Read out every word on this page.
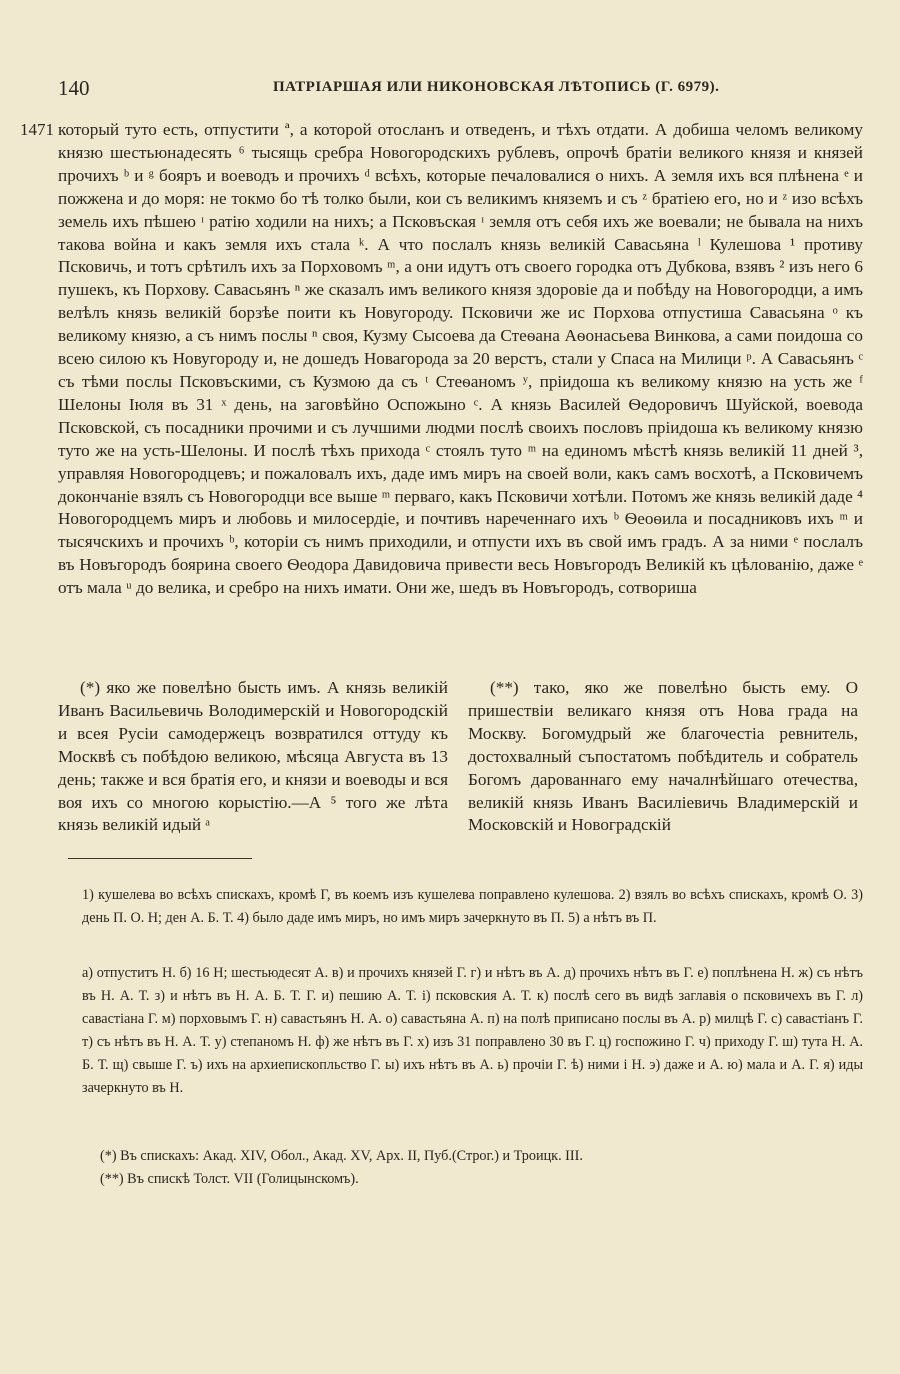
140	ПАТРІАРШАЯ ИЛИ НИКОНОВСКАЯ ЛѢТОПИСЬ (Г. 6979).
1471 который туто есть, отпустити ª, а которой отосланъ и отведенъ, и тѣхъ отдати. А добиша челомъ великому князю шестьюнадесять ⁶ тысящь сребра Новогородскихъ рублевъ, опрочѣ братіи великого князя и князей прочихъ ᵇ и ᵍ бояръ и воеводъ и прочихъ ᵈ всѣхъ, которые печаловалися о нихъ. А земля ихъ вся плѣнена ᵉ и пожжена и до моря: не токмо бо тѣ толко были, кои съ великимъ княземъ и съ ᶻ братіею его, но и ᶻ изо всѣхъ земель ихъ пѣшею ᶦ ратію ходили на нихъ; а Псковъская ᶦ земля отъ себя ихъ же воевали; не бывала на нихъ такова война и какъ земля ихъ стала ᵏ. А что послалъ князь великій Савасьяна ˡ Кулешова ¹ противу Псковичь, и тотъ срѣтилъ ихъ за Порховомъ ᵐ, а они идутъ отъ своего городка отъ Дубкова, взявъ ² изъ него 6 пушекъ, къ Порхову. Савасьянъ ⁿ же сказалъ имъ великого князя здоровіе да и побѣду на Новогородци, а имъ велѣлъ князь великій борзѣе поити къ Новугороду. Псковичи же ис Порхова отпустиша Савасьяна ᵒ къ великому князю, а съ нимъ послы ⁿ своя, Кузму Сысоева да Стеѳана Аѳонасьева Винкова, а сами поидоша со всею силою къ Новугороду и, не дошедъ Новагорода за 20 верстъ, стали у Спаса на Милици ᵖ. А Савасьянъ ᶜ съ тѣми послы Псковъскими, съ Кузмою да съ ᵗ Стеѳаномъ ʸ, прiидоша къ великому князю на усть же ᶠ Шелоны Іюля въ 31 ˣ день, на заговѣйно Оспожыно ᶜ. А князь Василей Ѳедоровичъ Шуйской, воевода Псковской, съ посадники прочими и съ лучшими людми послѣ своихъ пословъ прiидоша къ великому князю туто же на усть-Шелоны. И послѣ тѣхъ прихода ᶜ стоялъ туто ᵐ на единомъ мѣстѣ князь великій 11 дней ³, управляя Новогородцевъ; и пожаловалъ ихъ, даде имъ миръ на своей воли, какъ самъ восхотѣ, а Псковичемъ докончаніе взялъ съ Новогородци все выше ᵐ перваго, какъ Псковичи хотѣли. Потомъ же князь великій даде ⁴ Новогородцемъ миръ и любовь и милосердіе, и почтивъ нареченнаго ихъ ᵇ Ѳеоѳила и посадниковъ ихъ ᵐ и тысячскихъ и прочихъ ᵇ, которіи съ нимъ приходили, и отпусти ихъ въ свой имъ градъ. А за ними ᵉ послалъ въ Новъгородъ боярина своего Ѳеодора Давидовича привести весь Новъгородъ Великій къ цѣлованію, даже ᵉ отъ мала ᵘ до велика, и сребро на нихъ имати. Они же, шедъ въ Новъгородъ, сотвориша

(*) яко же повелѣно бысть имъ. А князь великій Иванъ Васильевичь Володимерскій и Новогородскій и всея Русіи самодержецъ возвратился оттуду къ Москвѣ съ побѣдою великою, мѣсяца Августа въ 13 день; также и вся братія его, и князи и воеводы и вся воя ихъ со многою корыстію.—А ⁵ того же лѣта князь великій идый ᵃ

(**) тако, яко же повелѣно бысть ему. О пришествіи великаго князя отъ Нова града на Москву. Богомудрый же благочестіа ревнитель, достохвалный съпостатомъ побѣдитель и собратель Богомъ дарованнаго ему началнѣйшаго отечества, великій князь Иванъ Василіевичь Владимерскій и Московскій и Новоградскій

1) кушелева во всѣхъ спискахъ, кромѣ Г, въ коемъ изъ кушелева поправлено кулешова. 2) взялъ во всѣхъ спискахъ, кромѣ О. 3) день П. О. Н; ден А. Б. Т. 4) было даде имъ миръ, но имъ миръ зачеркнуто въ П. 5) а нѣтъ въ П.

а) отпуститъ Н. б) 16 Н; шестьюдесят А. в) и прочихъ князей Г. г) и нѣтъ въ А. д) прочихъ нѣтъ въ Г. е) поплѣнена Н. ж) съ нѣтъ въ Н. А. Т. з) и нѣтъ въ Н. А. Б. Т. Г. и) пешию А. Т. і) псковския А. Т. к) послѣ сего въ видѣ заглавія о псковичехъ въ Г. л) савастіана Г. м) порховымъ Г. н) савастьянъ Н. А. о) савастьяна А. п) на полѣ приписано послы въ А. р) милцѣ Г. с) савастіанъ Г. т) съ нѣтъ въ Н. А. Т. у) степаномъ Н. ф) же нѣтъ въ Г. х) изъ 31 поправлено 30 въ Г. ц) госпожино Г. ч) приходу Г. ш) тута Н. А. Б. Т. щ) свыше Г. ъ) ихъ на архиепископльство Г. ы) ихъ нѣтъ въ А. ь) прочіи Г. ѣ) ними і Н. э) даже и А. ю) мала и А. Г. я) иды зачеркнуто въ Н.

(*) Въ спискахъ: Акад. XIV, Обол., Акад. XV, Арх. II, Пуб.(Строг.) и Троицк. III.

(**) Въ спискѣ Толст. VII (Голицынскомъ).
